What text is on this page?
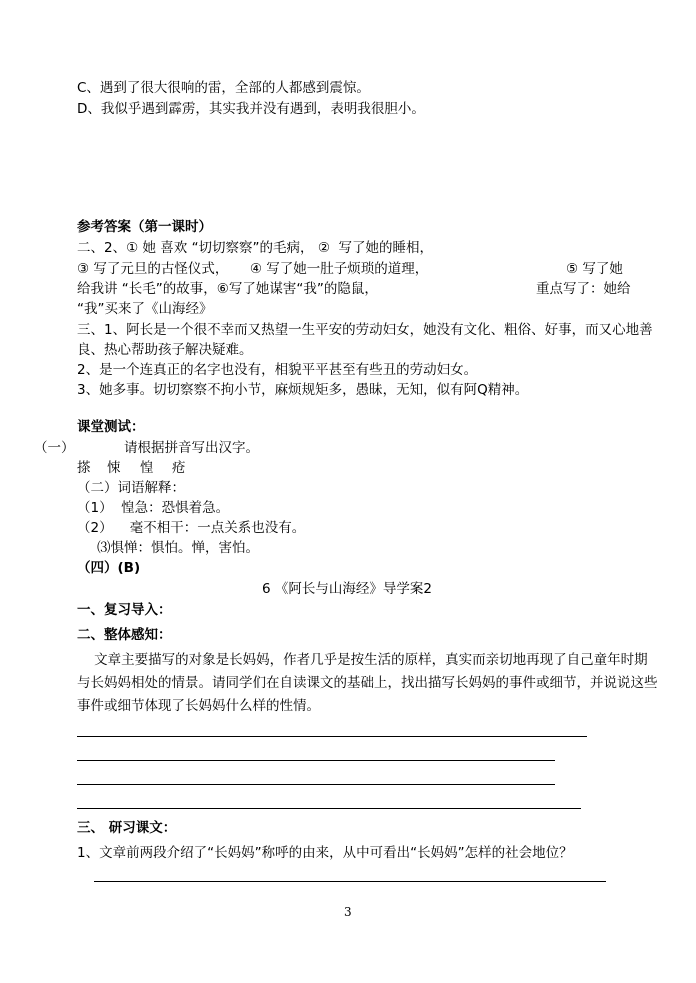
C、遇到了很大很响的雷，全部的人都感到震惊。
D、我似乎遇到霹雳，其实我并没有遇到，表明我很胆小。
参考答案（第一课时）
二、2、① 她 喜欢 “切切察察”的毛病， ②  写了她的睡相，
③ 写了元旦的古怪仪式，     ④ 写了她一肚子烦琐的道理，	⑤ 写了她
给我讲 “长毛”的故事，⑥写了她谋害“我”的隐鼠，	重点写了：她给
“我”买来了《山海经》
三、1、阿长是一个很不幸而又热望一生平安的劳动妇女，她没有文化、粗俗、好事，而又心地善
良、热心帮助孩子解决疑难。
2、是一个连真正的名字也没有，相貌平平甚至有些丑的劳动妇女。
3、她多事。切切察察不拘小节，麻烦规矩多，愚昧，无知，似有阿Q精神。
课堂测试：
（一）	请根据拼音写出汉字。
搽 悚 惶 疮
（二）词语解释：
（1）  惶急：恐惧着急。
（2）    毫不相干：一点关系也没有。
⑶惧惮：惧怕。惮，害怕。
（四）(B)
6 《阿长与山海经》导学案2
一、复习导入：
二、整体感知：
文章主要描写的对象是长妈妈，作者几乎是按生活的原样，真实而亲切地再现了自己童年时期
与长妈妈相处的情景。请同学们在自读课文的基础上，找出描写长妈妈的事件或细节，并说说这些
事件或细节体现了长妈妈什么样的性情。
三、 研习课文：
1、文章前两段介绍了“长妈妈”称呼的由来，从中可看出“长妈妈”怎样的社会地位？
3
